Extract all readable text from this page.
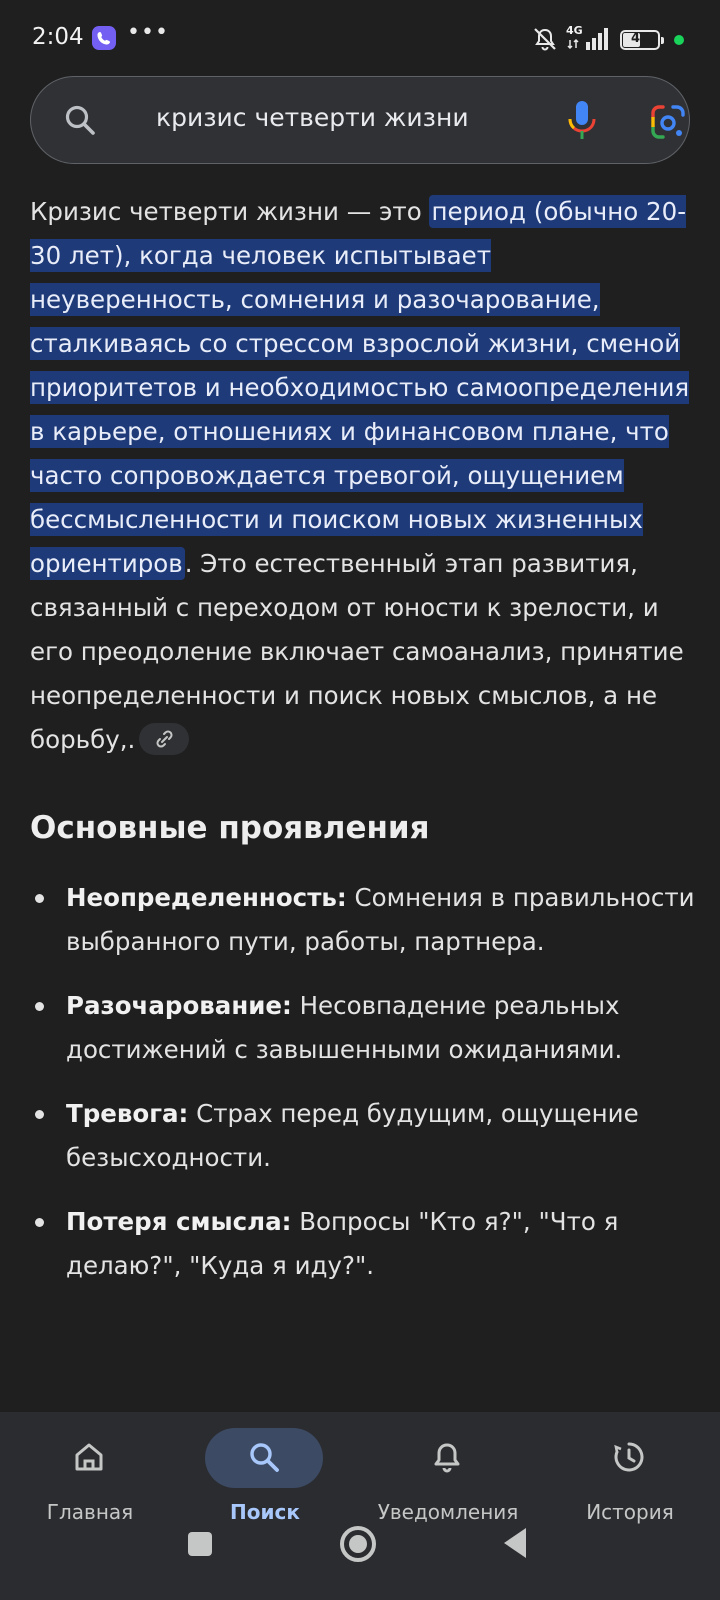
2:04 •••	4G
46
кризис четверти жизни

Кризис четверти жизни — это период (обычно 20-30 лет), когда человек испытывает неуверенность, сомнения и разочарование, сталкиваясь со стрессом взрослой жизни, сменой приоритетов и необходимостью самоопределения в карьере, отношениях и финансовом плане, что часто сопровождается тревогой, ощущением бессмысленности и поиском новых жизненных ориентиров. Это естественный этап развития, связанный с переходом от юности к зрелости, и его преодоление включает самоанализ, принятие неопределенности и поиск новых смыслов, а не борьбу,.

Основные проявления
Неопределенность: Сомнения в правильности выбранного пути, работы, партнера.
Разочарование: Несовпадение реальных достижений с завышенными ожиданиями.
Тревога: Страх перед будущим, ощущение безысходности.
Потеря смысла: Вопросы "Кто я?", "Что я делаю?", "Куда я иду?".
Главная	Поиск	Уведомления	История
